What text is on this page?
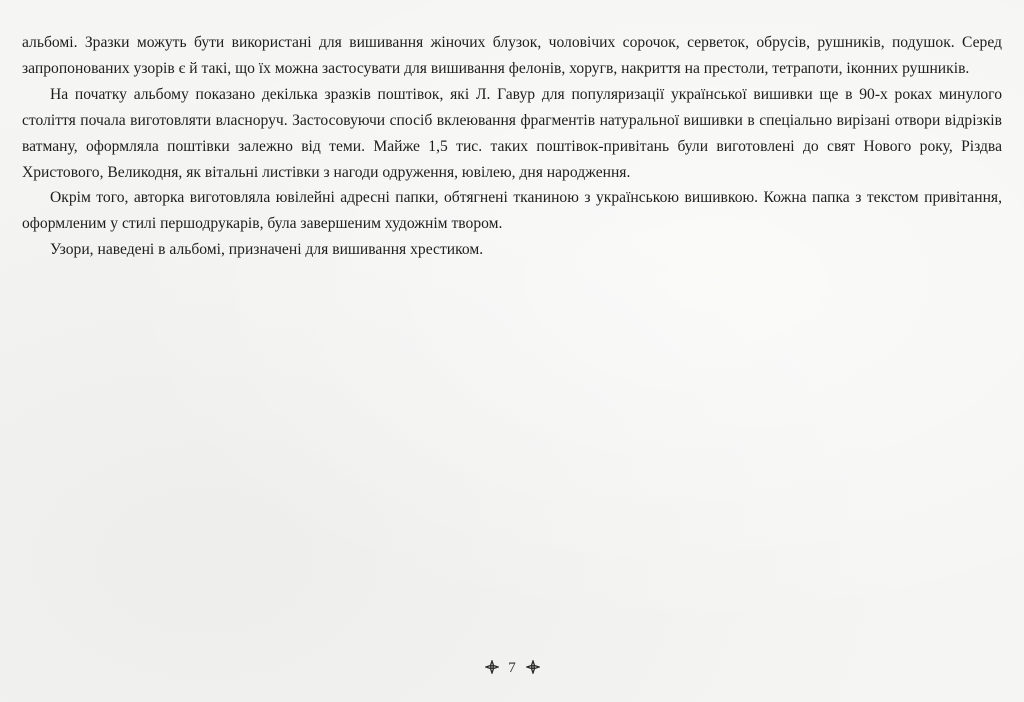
альбомі. Зразки можуть бути використані для вишивання жіночих блузок, чоловічих сорочок, серветок, обрусів, рушників, подушок. Серед запропонованих узорів є й такі, що їх можна застосувати для вишивання фелонів, хоругв, накриття на престоли, тетрапоти, іконних рушників.

На початку альбому показано декілька зразків поштівок, які Л. Гавур для популяризації української вишивки ще в 90-х роках минулого століття почала виготовляти власноруч. Застосовуючи спосіб вклеювання фрагментів натуральної вишивки в спеціально вирізані отвори відрізків ватману, оформляла поштівки залежно від теми. Майже 1,5 тис. таких поштівок-привітань були виготовлені до свят Нового року, Різдва Христового, Великодня, як вітальні листівки з нагоди одруження, ювілею, дня народження.

Окрім того, авторка виготовляла ювілейні адресні папки, обтягнені тканиною з українською вишивкою. Кожна папка з текстом привітання, оформленим у стилі першодрукарів, була завершеним художнім твором.

Узори, наведені в альбомі, призначені для вишивання хрестиком.

7
